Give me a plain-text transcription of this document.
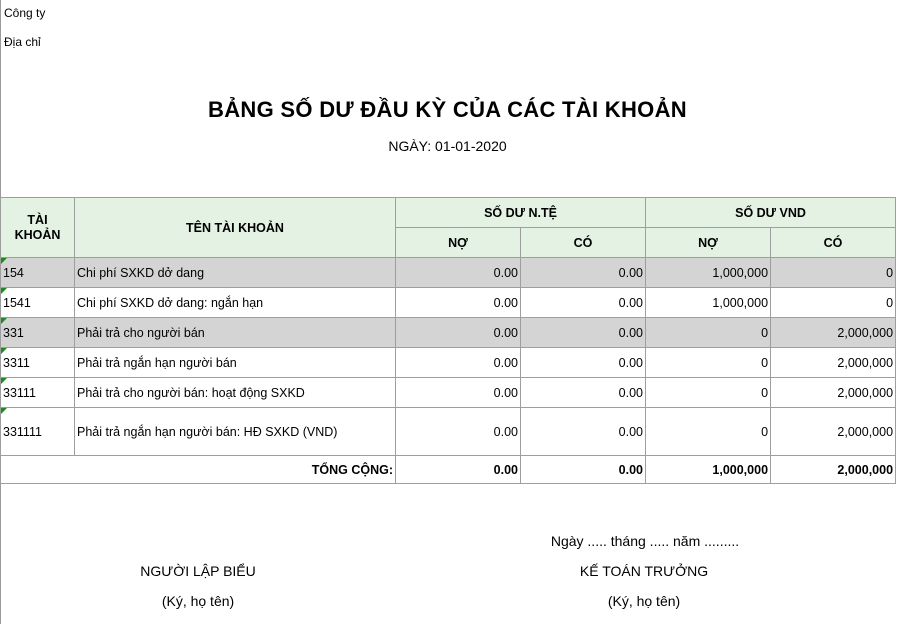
Công ty
Địa chỉ
BẢNG SỐ DƯ ĐẦU KỲ CỦA CÁC TÀI KHOẢN
NGÀY: 01-01-2020
TÀI KHOẢN	TÊN TÀI KHOẢN	SỐ DƯ N.TỆ		SỐ DƯ VND	
		NỢ	CÓ	NỢ	CÓ
154	Chi phí SXKD dở dang	0.00	0.00	1,000,000	0
1541	Chi phí SXKD dở dang: ngắn hạn	0.00	0.00	1,000,000	0
331	Phải trả cho người bán	0.00	0.00	0	2,000,000
3311	Phải trả ngắn hạn người bán	0.00	0.00	0	2,000,000
33111	Phải trả cho người bán: hoạt động SXKD	0.00	0.00	0	2,000,000
331111	Phải trả ngắn hạn người bán: HĐ SXKD (VND)	0.00	0.00	0	2,000,000
TỔNG CỘNG:		0.00	0.00	1,000,000	2,000,000
Ngày ..... tháng ..... năm .........
NGƯỜI LẬP BIỂU
(Ký, họ tên)
KẾ TOÁN TRƯỞNG
(Ký, họ tên)
